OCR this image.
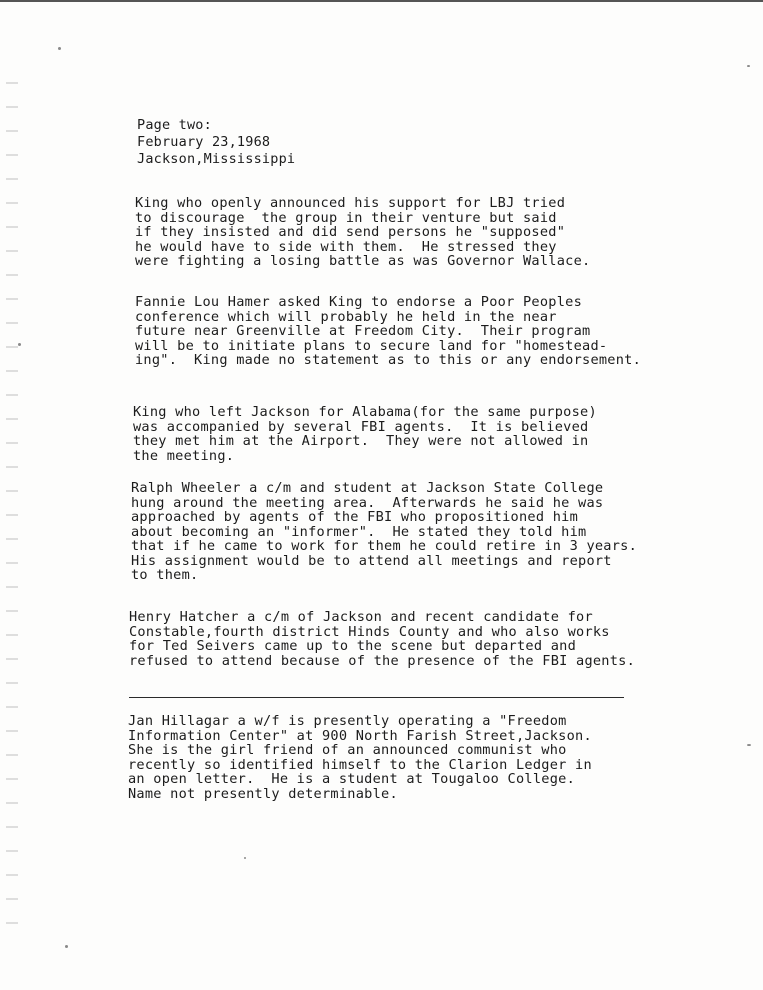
Page two:
February 23,1968
Jackson,Mississippi
King who openly announced his support for LBJ tried
to discourage  the group in their venture but said
if they insisted and did send persons he "supposed"
he would have to side with them.  He stressed they
were fighting a losing battle as was Governor Wallace.
Fannie Lou Hamer asked King to endorse a Poor Peoples
conference which will probably he held in the near
future near Greenville at Freedom City.  Their program
will be to initiate plans to secure land for "homestead-
ing".  King made no statement as to this or any endorsement.
King who left Jackson for Alabama(for the same purpose)
was accompanied by several FBI agents.  It is believed
they met him at the Airport.  They were not allowed in
the meeting.
Ralph Wheeler a c/m and student at Jackson State College
hung around the meeting area.  Afterwards he said he was
approached by agents of the FBI who propositioned him
about becoming an "informer".  He stated they told him
that if he came to work for them he could retire in 3 years.
His assignment would be to attend all meetings and report
to them.
Henry Hatcher a c/m of Jackson and recent candidate for
Constable,fourth district Hinds County and who also works
for Ted Seivers came up to the scene but departed and
refused to attend because of the presence of the FBI agents.
Jan Hillagar a w/f is presently operating a "Freedom
Information Center" at 900 North Farish Street,Jackson.
She is the girl friend of an announced communist who
recently so identified himself to the Clarion Ledger in
an open letter.  He is a student at Tougaloo College.
Name not presently determinable.
